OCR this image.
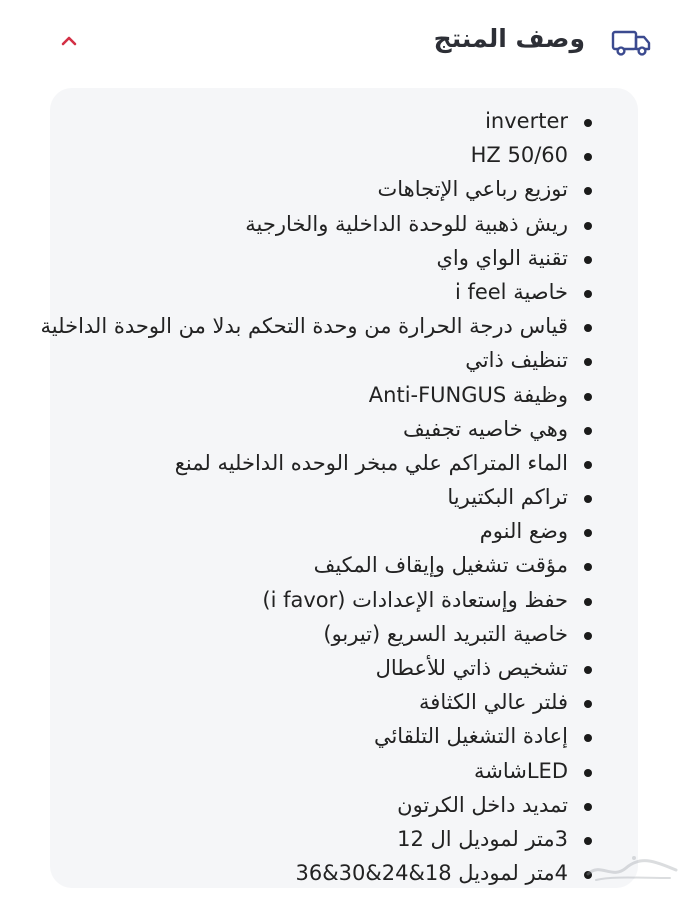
وصف المنتج
inverter
HZ 50/60
توزيع رباعي الإتجاهات
ريش ذهبية للوحدة الداخلية والخارجية
تقنية الواي واي
خاصية i feel
قياس درجة الحرارة من وحدة التحكم بدلا من الوحدة الداخلية
تنظيف ذاتي
وظيفة Anti-FUNGUS
وهي خاصيه تجفيف
الماء المتراكم علي مبخر الوحده الداخليه لمنع
تراكم البكتيريا
وضع النوم
مؤقت تشغيل وإيقاف المكيف
حفظ وإستعادة الإعدادات (i favor)
خاصية التبريد السريع (تيربو)
تشخيص ذاتي للأعطال
فلتر عالي الكثافة
إعادة التشغيل التلقائي
LEDشاشة
تمديد داخل الكرتون
3متر لموديل ال 12
4متر لموديل 18&24&30&36
